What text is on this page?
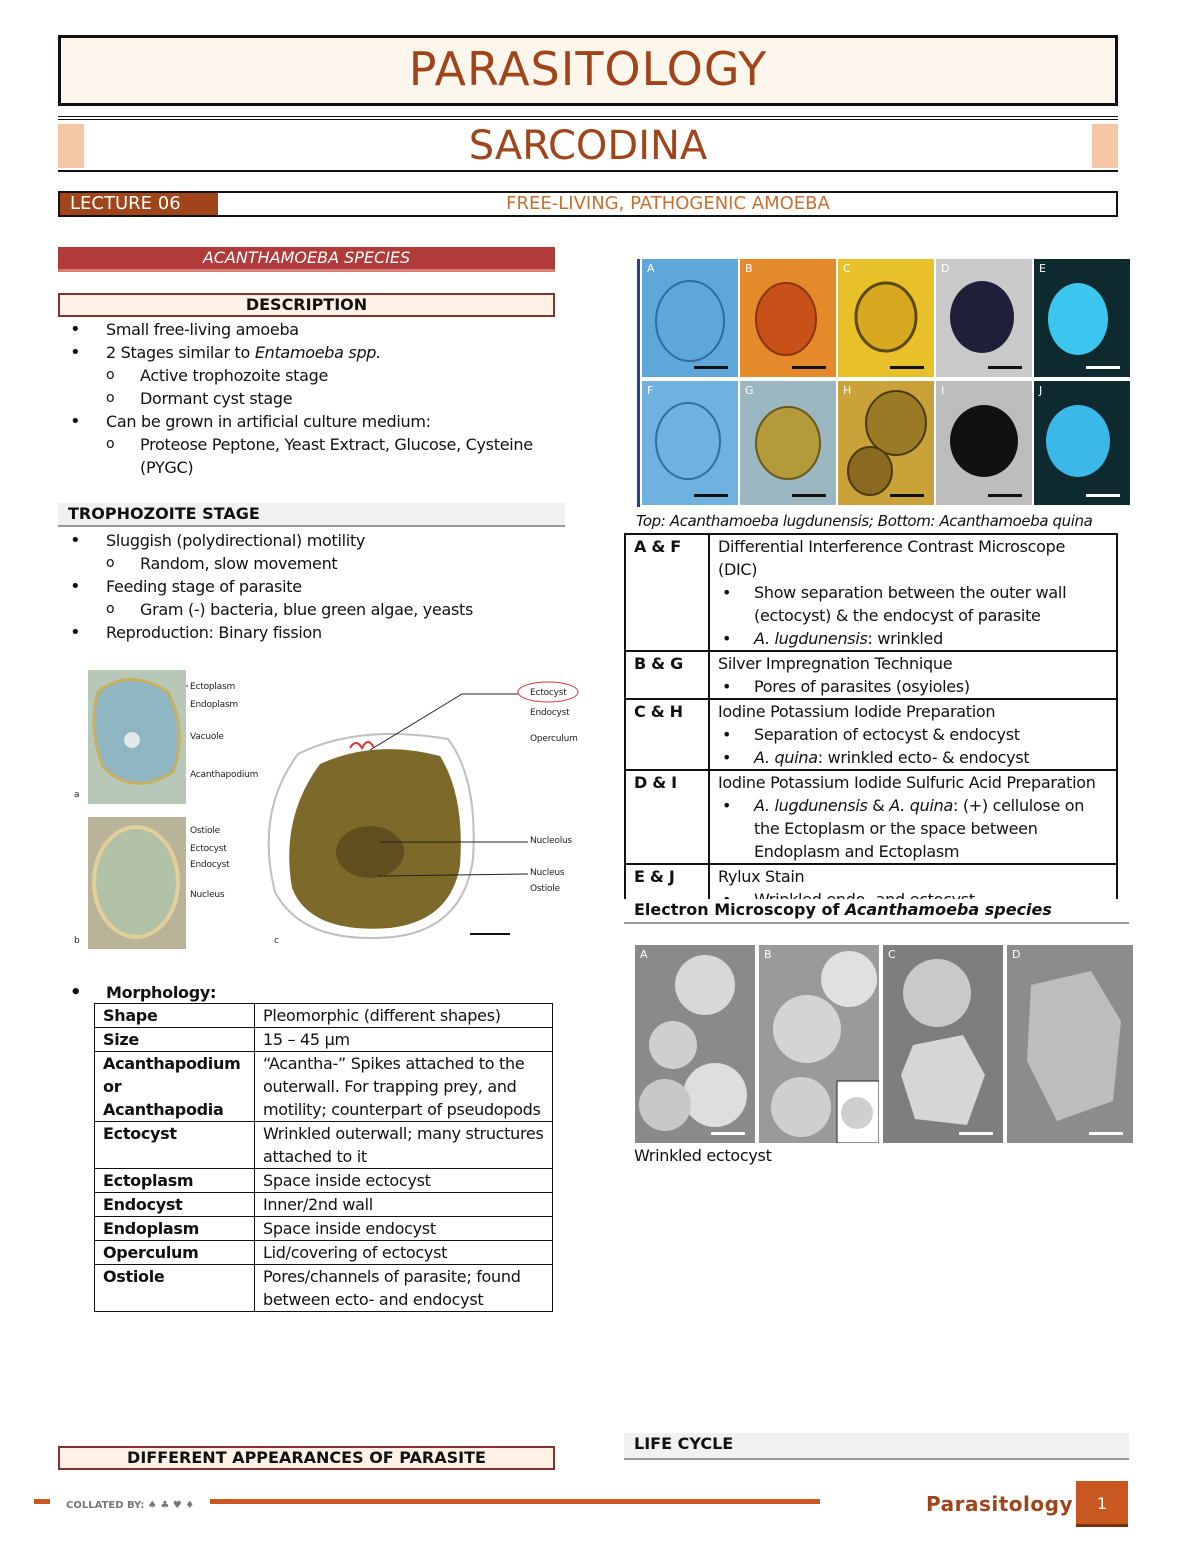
PARASITOLOGY
SARCODINA
LECTURE 06	FREE-LIVING, PATHOGENIC AMOEBA
ACANTHAMOEBA SPECIES
DESCRIPTION
• Small free-living amoeba
• 2 Stages similar to Entamoeba spp.
o Active trophozoite stage
o Dormant cyst stage
• Can be grown in artificial culture medium:
o Proteose Peptone, Yeast Extract, Glucose, Cysteine (PYGC)
TROPHOZOITE STAGE
• Sluggish (polydirectional) motility
o Random, slow movement
• Feeding stage of parasite
o Gram (-) bacteria, blue green algae, yeasts
• Reproduction: Binary fission
a
b	c
Ectoplasm
Endoplasm
Vacuole
Acanthapodium
Ostiole
Ectocyst
Endocyst
Nucleus
Ectocyst
Endocyst
Operculum
Nucleolus
Nucleus
Ostiole
• Morphology:
Shape	Pleomorphic (different shapes)
Size	15 – 45 µm
Acanthapodium or Acanthapodia	“Acantha-” Spikes attached to the outerwall. For trapping prey, and motility; counterpart of pseudopods
Ectocyst	Wrinkled outerwall; many structures attached to it
Ectoplasm	Space inside ectocyst
Endocyst	Inner/2nd wall
Endoplasm	Space inside endocyst
Operculum	Lid/covering of ectocyst
Ostiole	Pores/channels of parasite; found between ecto- and endocyst
DIFFERENT APPEARANCES OF PARASITE
A	B	C	D	E
F	G	H	I	J
Top: Acanthamoeba lugdunensis; Bottom: Acanthamoeba quina
A & F	Differential Interference Contrast Microscope (DIC)
• Show separation between the outer wall (ectocyst) & the endocyst of parasite
• A. lugdunensis: wrinkled

B & G	Silver Impregnation Technique
• Pores of parasites (osyioles)

C & H	Iodine Potassium Iodide Preparation
• Separation of ectocyst & endocyst
• A. quina: wrinkled ecto- & endocyst

D & I	Iodine Potassium Iodide Sulfuric Acid Preparation
• A. lugdunensis & A. quina: (+) cellulose on the Ectoplasm or the space between Endoplasm and Ectoplasm

E & J	Rylux Stain
•
Electron Microscopy of Acanthamoeba species
A	B	C	D
Wrinkled ectocyst
LIFE CYCLE
COLLATED BY: ♠ ♣ ♥ ♦	Parasitology	1
